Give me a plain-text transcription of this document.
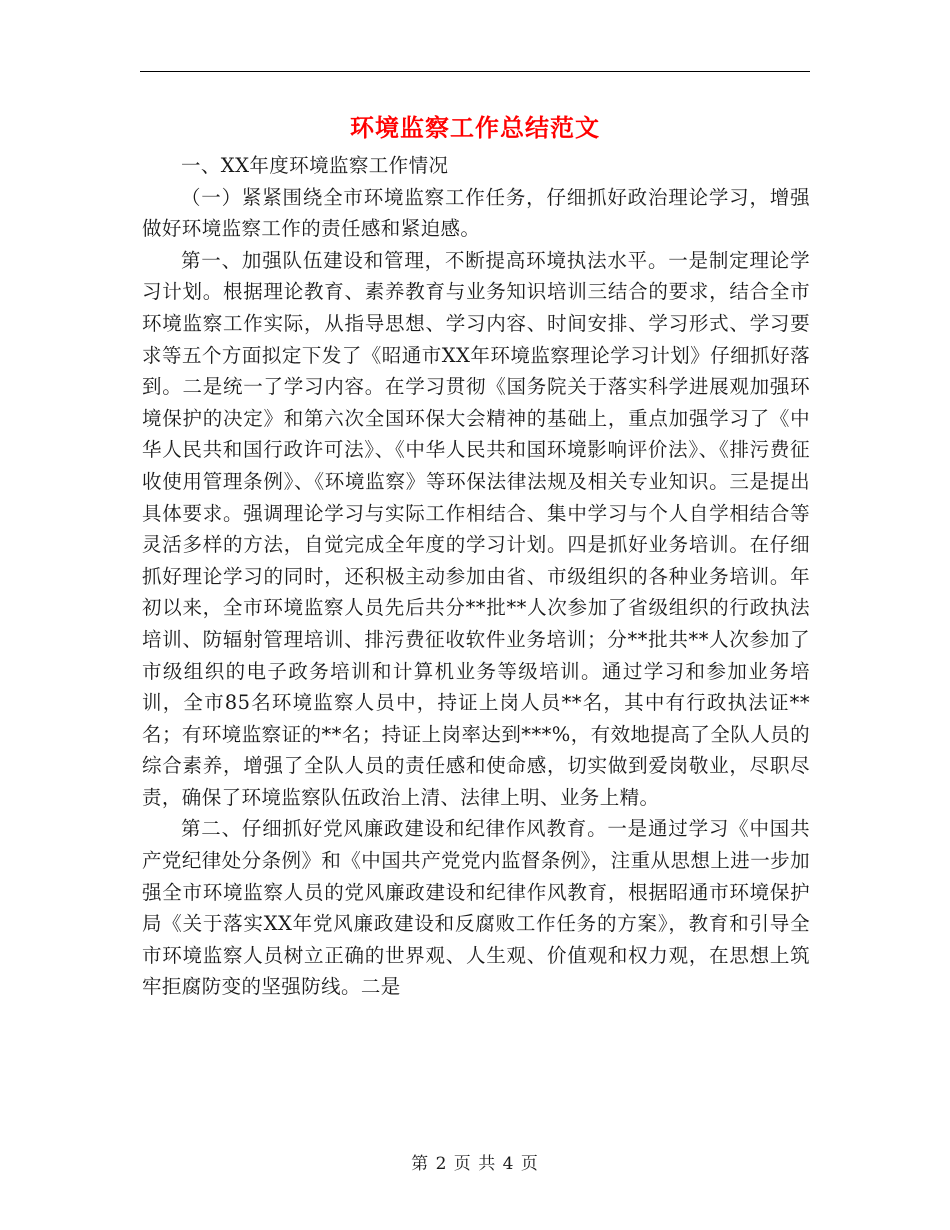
环境监察工作总结范文

一、XX年度环境监察工作情况

（一）紧紧围绕全市环境监察工作任务，仔细抓好政治理论学习，增强做好环境监察工作的责任感和紧迫感。

第一、加强队伍建设和管理，不断提高环境执法水平。一是制定理论学习计划。根据理论教育、素养教育与业务知识培训三结合的要求，结合全市环境监察工作实际，从指导思想、学习内容、时间安排、学习形式、学习要求等五个方面拟定下发了《昭通市XX年环境监察理论学习计划》仔细抓好落到。二是统一了学习内容。在学习贯彻《国务院关于落实科学进展观加强环境保护的决定》和第六次全国环保大会精神的基础上，重点加强学习了《中华人民共和国行政许可法》、《中华人民共和国环境影响评价法》、《排污费征收使用管理条例》、《环境监察》等环保法律法规及相关专业知识。三是提出具体要求。强调理论学习与实际工作相结合、集中学习与个人自学相结合等灵活多样的方法，自觉完成全年度的学习计划。四是抓好业务培训。在仔细抓好理论学习的同时，还积极主动参加由省、市级组织的各种业务培训。年初以来，全市环境监察人员先后共分**批**人次参加了省级组织的行政执法培训、防辐射管理培训、排污费征收软件业务培训；分**批共**人次参加了市级组织的电子政务培训和计算机业务等级培训。通过学习和参加业务培训，全市85名环境监察人员中，持证上岗人员**名，其中有行政执法证**名；有环境监察证的**名；持证上岗率达到***%，有效地提高了全队人员的综合素养，增强了全队人员的责任感和使命感，切实做到爱岗敬业，尽职尽责，确保了环境监察队伍政治上清、法律上明、业务上精。

第二、仔细抓好党风廉政建设和纪律作风教育。一是通过学习《中国共产党纪律处分条例》和《中国共产党党内监督条例》，注重从思想上进一步加强全市环境监察人员的党风廉政建设和纪律作风教育，根据昭通市环境保护局《关于落实XX年党风廉政建设和反腐败工作任务的方案》，教育和引导全市环境监察人员树立正确的世界观、人生观、价值观和权力观，在思想上筑牢拒腐防变的坚强防线。二是

第 2 页 共 4 页
